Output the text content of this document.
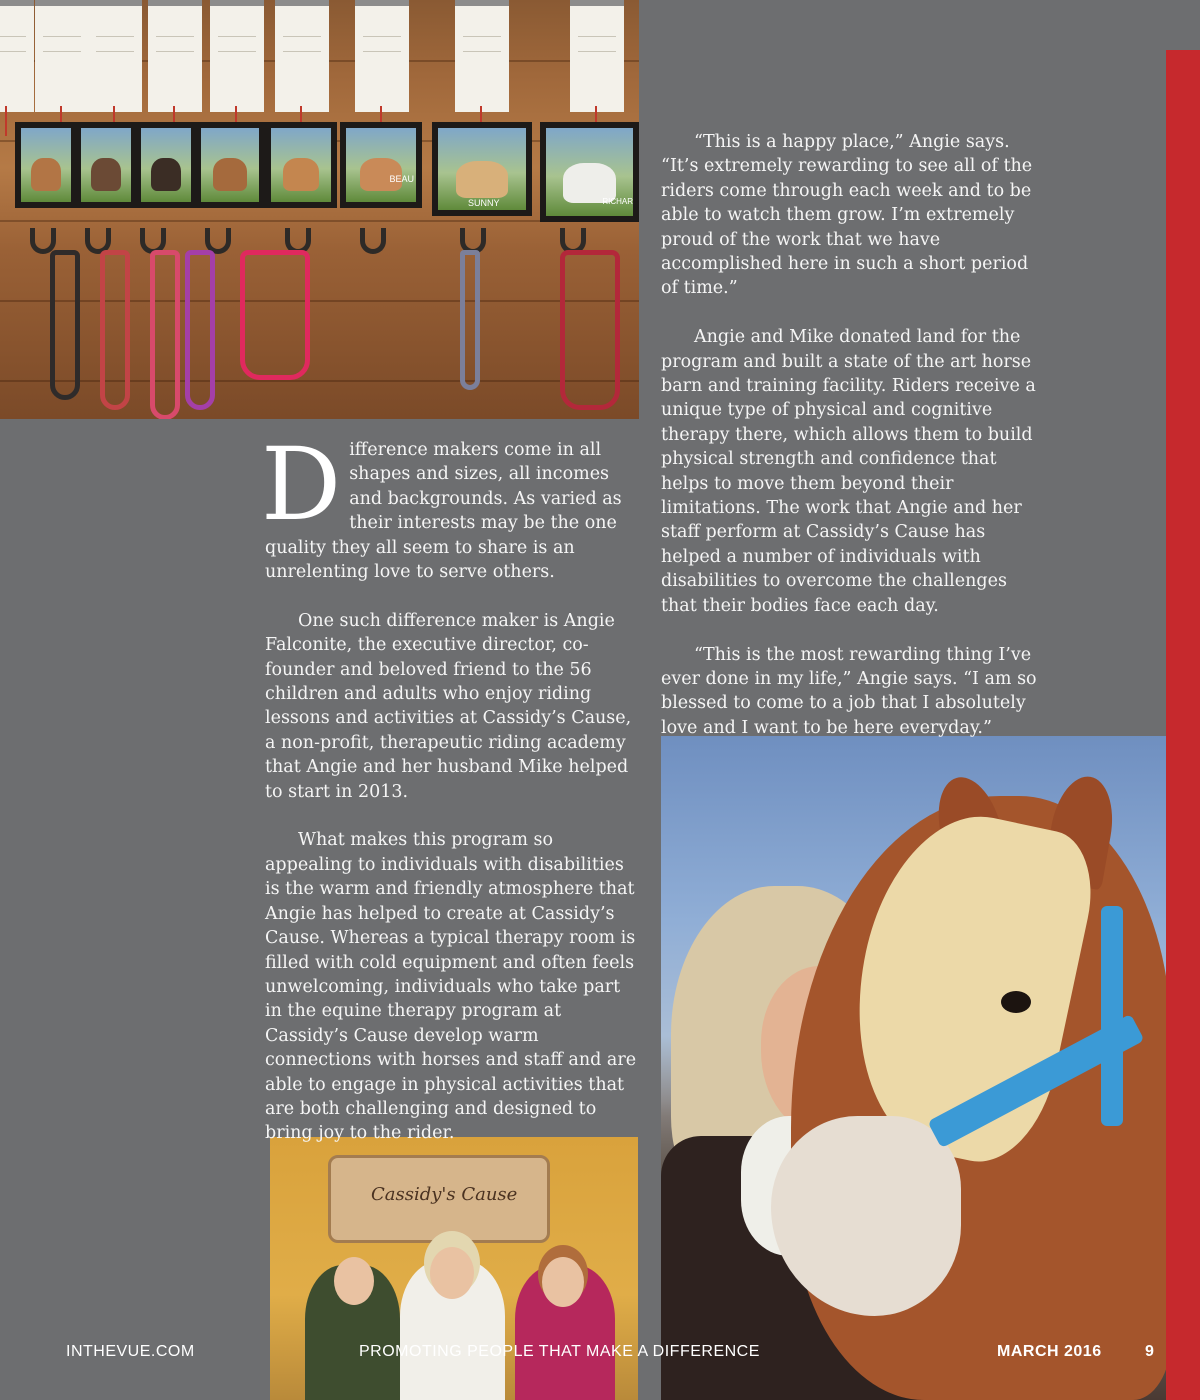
BEAU
SUNNY	RICHAR
Cassidy's Cause

Difference makers come in all shapes and sizes, all incomes and backgrounds. As varied as their interests may be the one quality they all seem to share is an unrelenting love to serve others.

One such difference maker is Angie Falconite, the executive director, co-founder and beloved friend to the 56 children and adults who enjoy riding lessons and activities at Cassidy’s Cause, a non-profit, therapeutic riding academy that Angie and her husband Mike helped to start in 2013.

What makes this program so appealing to individuals with disabilities is the warm and friendly atmosphere that Angie has helped to create at Cassidy’s Cause. Whereas a typical therapy room is filled with cold equipment and often feels unwelcoming, individuals who take part in the equine therapy program at Cassidy’s Cause develop warm connections with horses and staff and are able to engage in physical activities that are both challenging and designed to bring joy to the rider.

“This is a happy place,” Angie says. “It’s extremely rewarding to see all of the riders come through each week and to be able to watch them grow. I’m extremely proud of the work that we have accomplished here in such a short period of time.”

Angie and Mike donated land for the program and built a state of the art horse barn and training facility. Riders receive a unique type of physical and cognitive therapy there, which allows them to build physical strength and confidence that helps to move them beyond their limitations. The work that Angie and her staff perform at Cassidy’s Cause has helped a number of individuals with disabilities to overcome the challenges that their bodies face each day.

“This is the most rewarding thing I’ve ever done in my life,” Angie says. “I am so blessed to come to a job that I absolutely love and I want to be here everyday.”

INTHEVUE.COM	PROMOTING PEOPLE THAT MAKE A DIFFERENCE	MARCH 2016	9
